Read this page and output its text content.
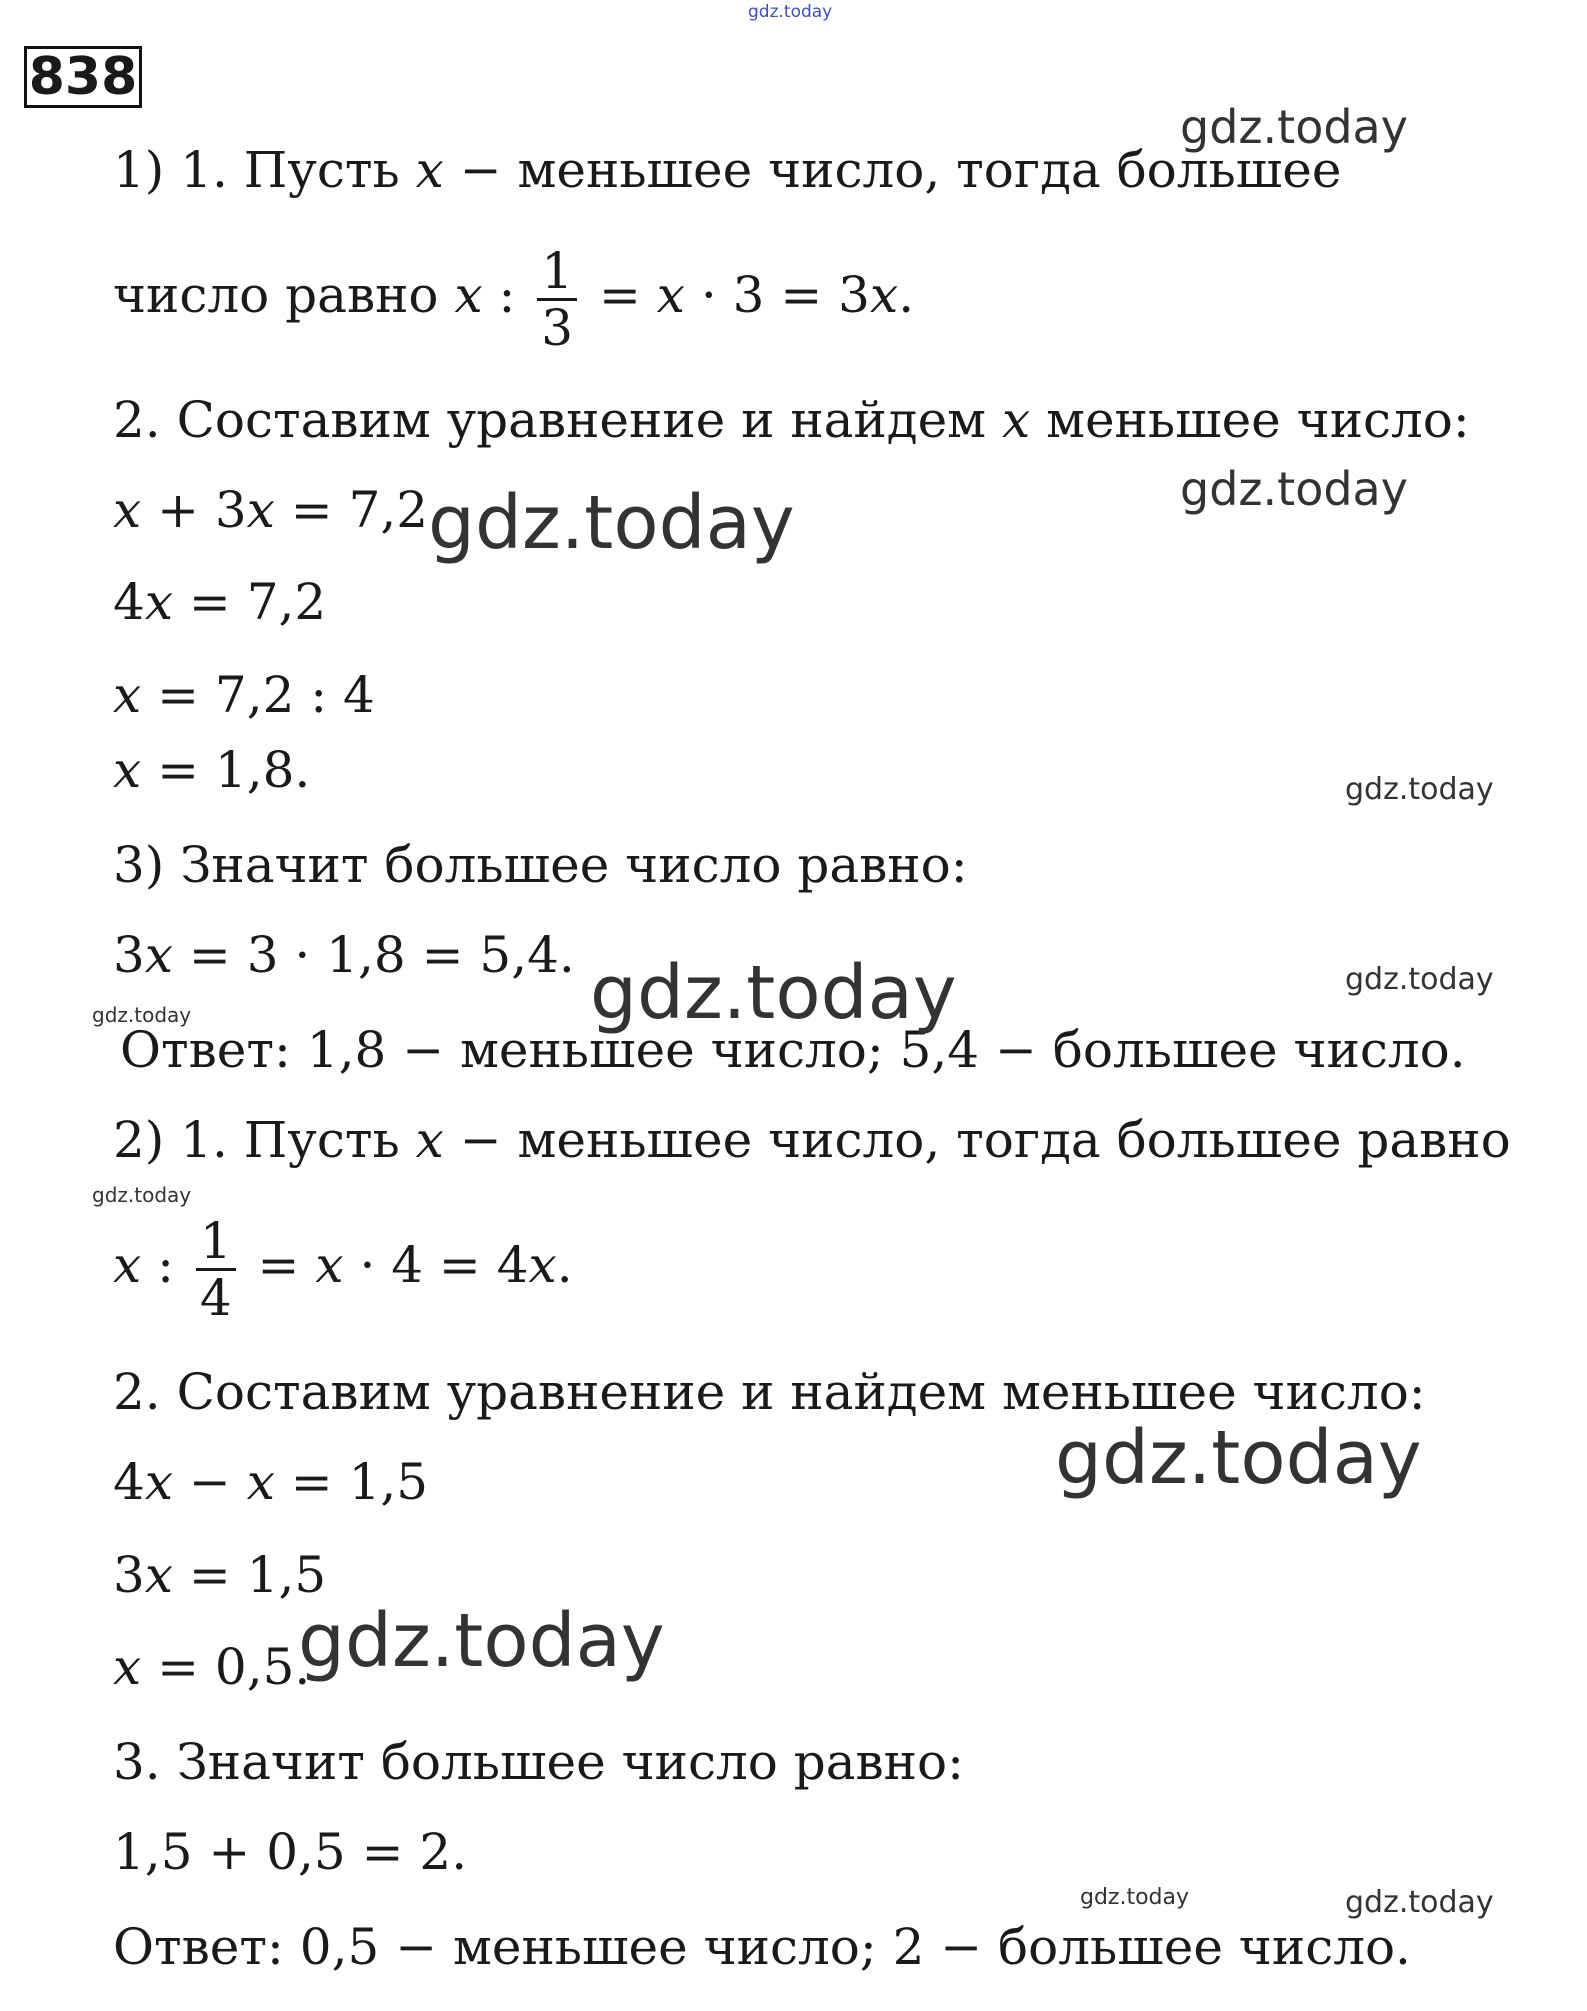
gdz.today
838
1) 1. Пусть x − меньшее число, тогда большее
число равно x : $\frac{1}{3} = x \cdot 3 = 3x$.
2. Составим уравнение и найдем x меньшее число:
x + 3x = 7,2
4x = 7,2
x = 7,2 : 4
x = 1,8.
3) Значит большее число равно:
3x = 3 · 1,8 = 5,4.
Ответ: 1,8 − меньшее число; 5,4 − большее число.
2) 1. Пусть x − меньшее число, тогда большее равно
x : $\frac{1}{4} = x \cdot 4 = 4x$.
2. Составим уравнение и найдем меньшее число:
4x − x = 1,5
3x = 1,5
x = 0,5.
3. Значит большее число равно:
1,5 + 0,5 = 2.
Ответ: 0,5 − меньшее число; 2 − большее число.
gdz.today
gdz.today
gdz.today
gdz.today
gdz.today	gdz.today
gdz.today
gdz.today
gdz.today
gdz.today
gdz.today	gdz.today
